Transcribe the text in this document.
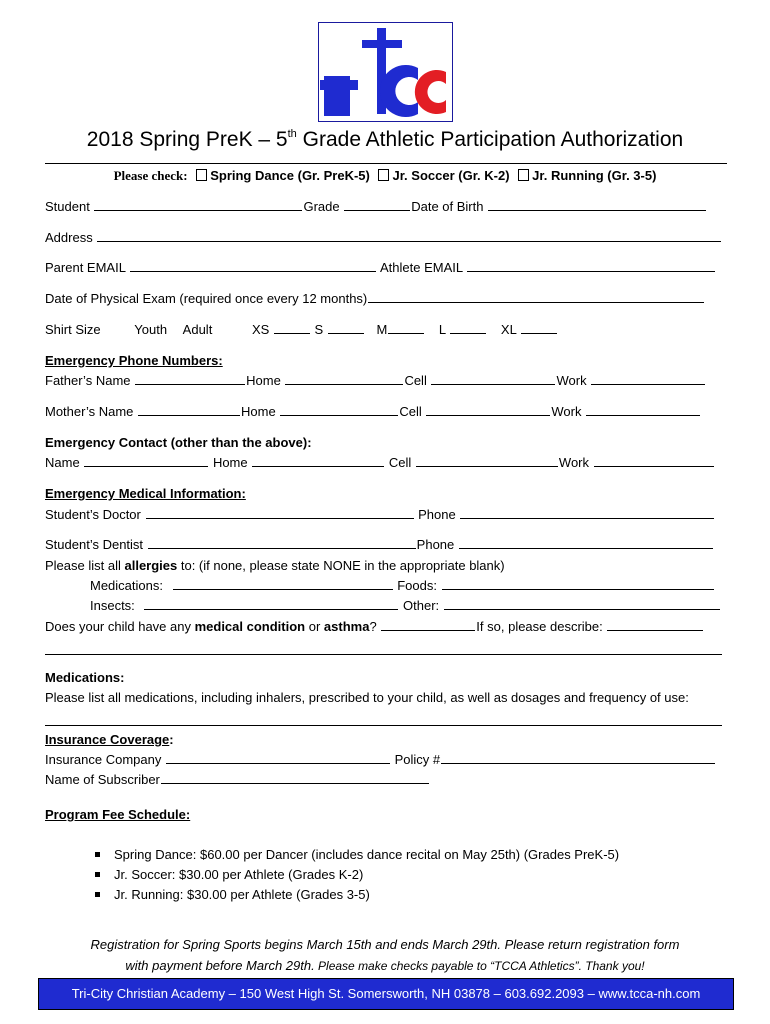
2018 Spring PreK – 5th Grade Athletic Participation Authorization
Please check: Spring Dance (Gr. PreK-5) Jr. Soccer (Gr. K-2) Jr. Running (Gr. 3-5)
Student	Grade	Date of Birth
Address
Parent EMAIL	Athlete EMAIL
Date of Physical Exam (required once every 12 months)
Shirt Size	Youth Adult	XS	S	M	L	XL
Emergency Phone Numbers:
Father’s Name	Home	Cell	Work
Mother’s Name	Home	Cell	Work
Emergency Contact (other than the above):
Name	Home	Cell	Work
Emergency Medical Information:
Student’s Doctor	Phone
Student’s Dentist	Phone
Please list all allergies to: (if none, please state NONE in the appropriate blank)
Medications:	Foods:
Insects:	Other:
Does your child have any medical condition or asthma?	If so, please describe:
Medications:
Please list all medications, including inhalers, prescribed to your child, as well as dosages and frequency of use:
Insurance Coverage:
Insurance Company	Policy #
Name of Subscriber
Program Fee Schedule:
Spring Dance: $60.00 per Dancer (includes dance recital on May 25th) (Grades PreK-5)
Jr. Soccer: $30.00 per Athlete (Grades K-2)
Jr. Running: $30.00 per Athlete (Grades 3-5)
Registration for Spring Sports begins March 15th and ends March 29th. Please return registration form
with payment before March 29th. Please make checks payable to “TCCA Athletics”. Thank you!
Tri-City Christian Academy – 150 West High St. Somersworth, NH 03878 – 603.692.2093 – www.tcca-nh.com
